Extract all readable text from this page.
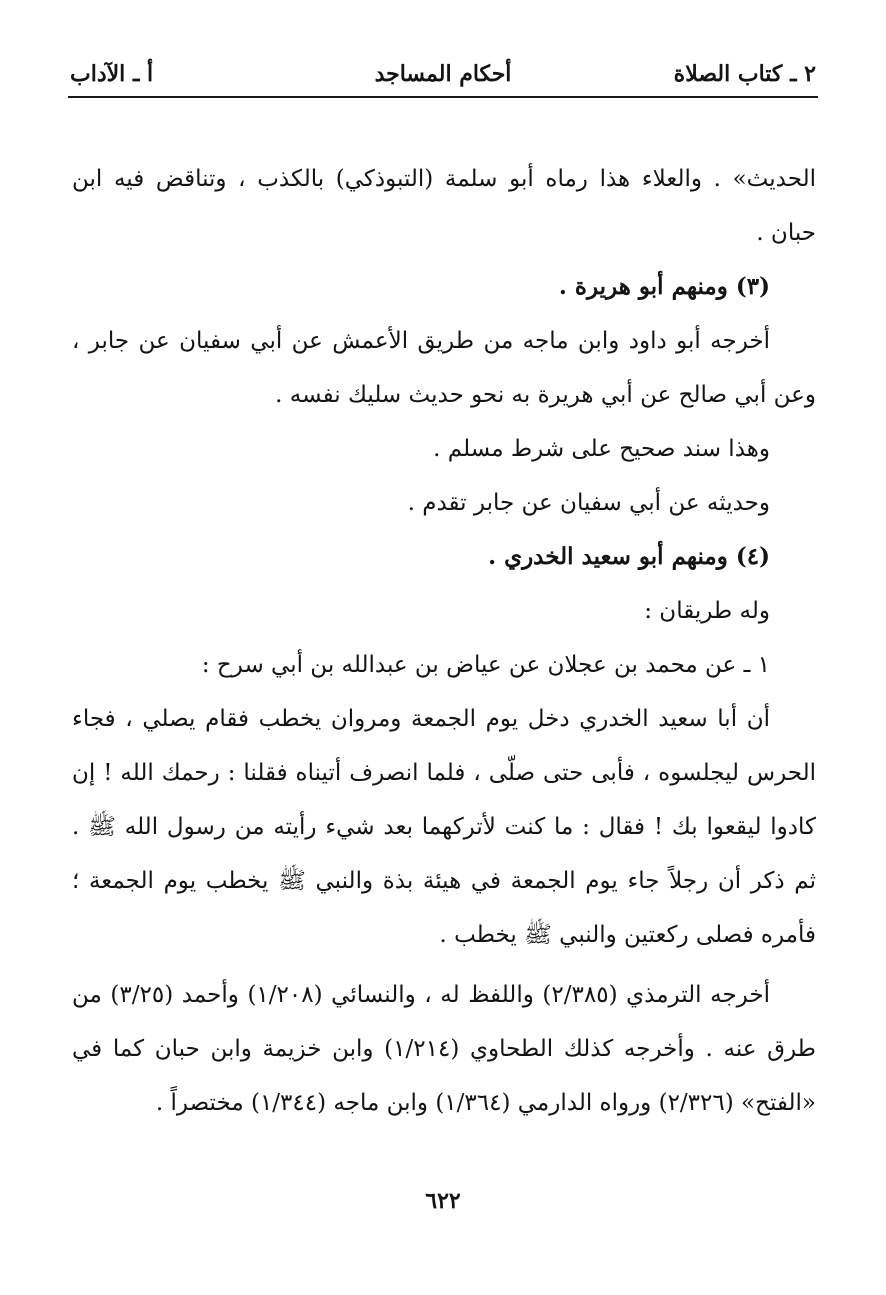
٢ ـ كتاب الصلاة
أحكام المساجد
أ ـ الآداب

الحديث» . والعلاء هذا رماه أبو سلمة (التبوذكي) بالكذب ، وتناقض فيه ابن حبان .

(٣) ومنهم أبو هريرة .

أخرجه أبو داود وابن ماجه من طريق الأعمش عن أبي سفيان عن جابر ، وعن أبي صالح عن أبي هريرة به نحو حديث سليك نفسه .

وهذا سند صحيح على شرط مسلم .

وحديثه عن أبي سفيان عن جابر تقدم .

(٤) ومنهم أبو سعيد الخدري .

وله طريقان :

١ ـ عن محمد بن عجلان عن عياض بن عبدالله بن أبي سرح :

أن أبا سعيد الخدري دخل يوم الجمعة ومروان يخطب فقام يصلي ، فجاء الحرس ليجلسوه ، فأبى حتى صلّى ، فلما انصرف أتيناه فقلنا : رحمك الله ! إن كادوا ليقعوا بك ! فقال : ما كنت لأتركهما بعد شيء رأيته من رسول الله ﷺ . ثم ذكر أن رجلاً جاء يوم الجمعة في هيئة بذة والنبي ﷺ يخطب يوم الجمعة ؛ فأمره فصلى ركعتين والنبي ﷺ يخطب .

أخرجه الترمذي (٢/٣٨٥) واللفظ له ، والنسائي (١/٢٠٨) وأحمد (٣/٢٥) من طرق عنه . وأخرجه كذلك الطحاوي (١/٢١٤) وابن خزيمة وابن حبان كما في «الفتح» (٢/٣٢٦) ورواه الدارمي (١/٣٦٤) وابن ماجه (١/٣٤٤) مختصراً .

٦٢٢
